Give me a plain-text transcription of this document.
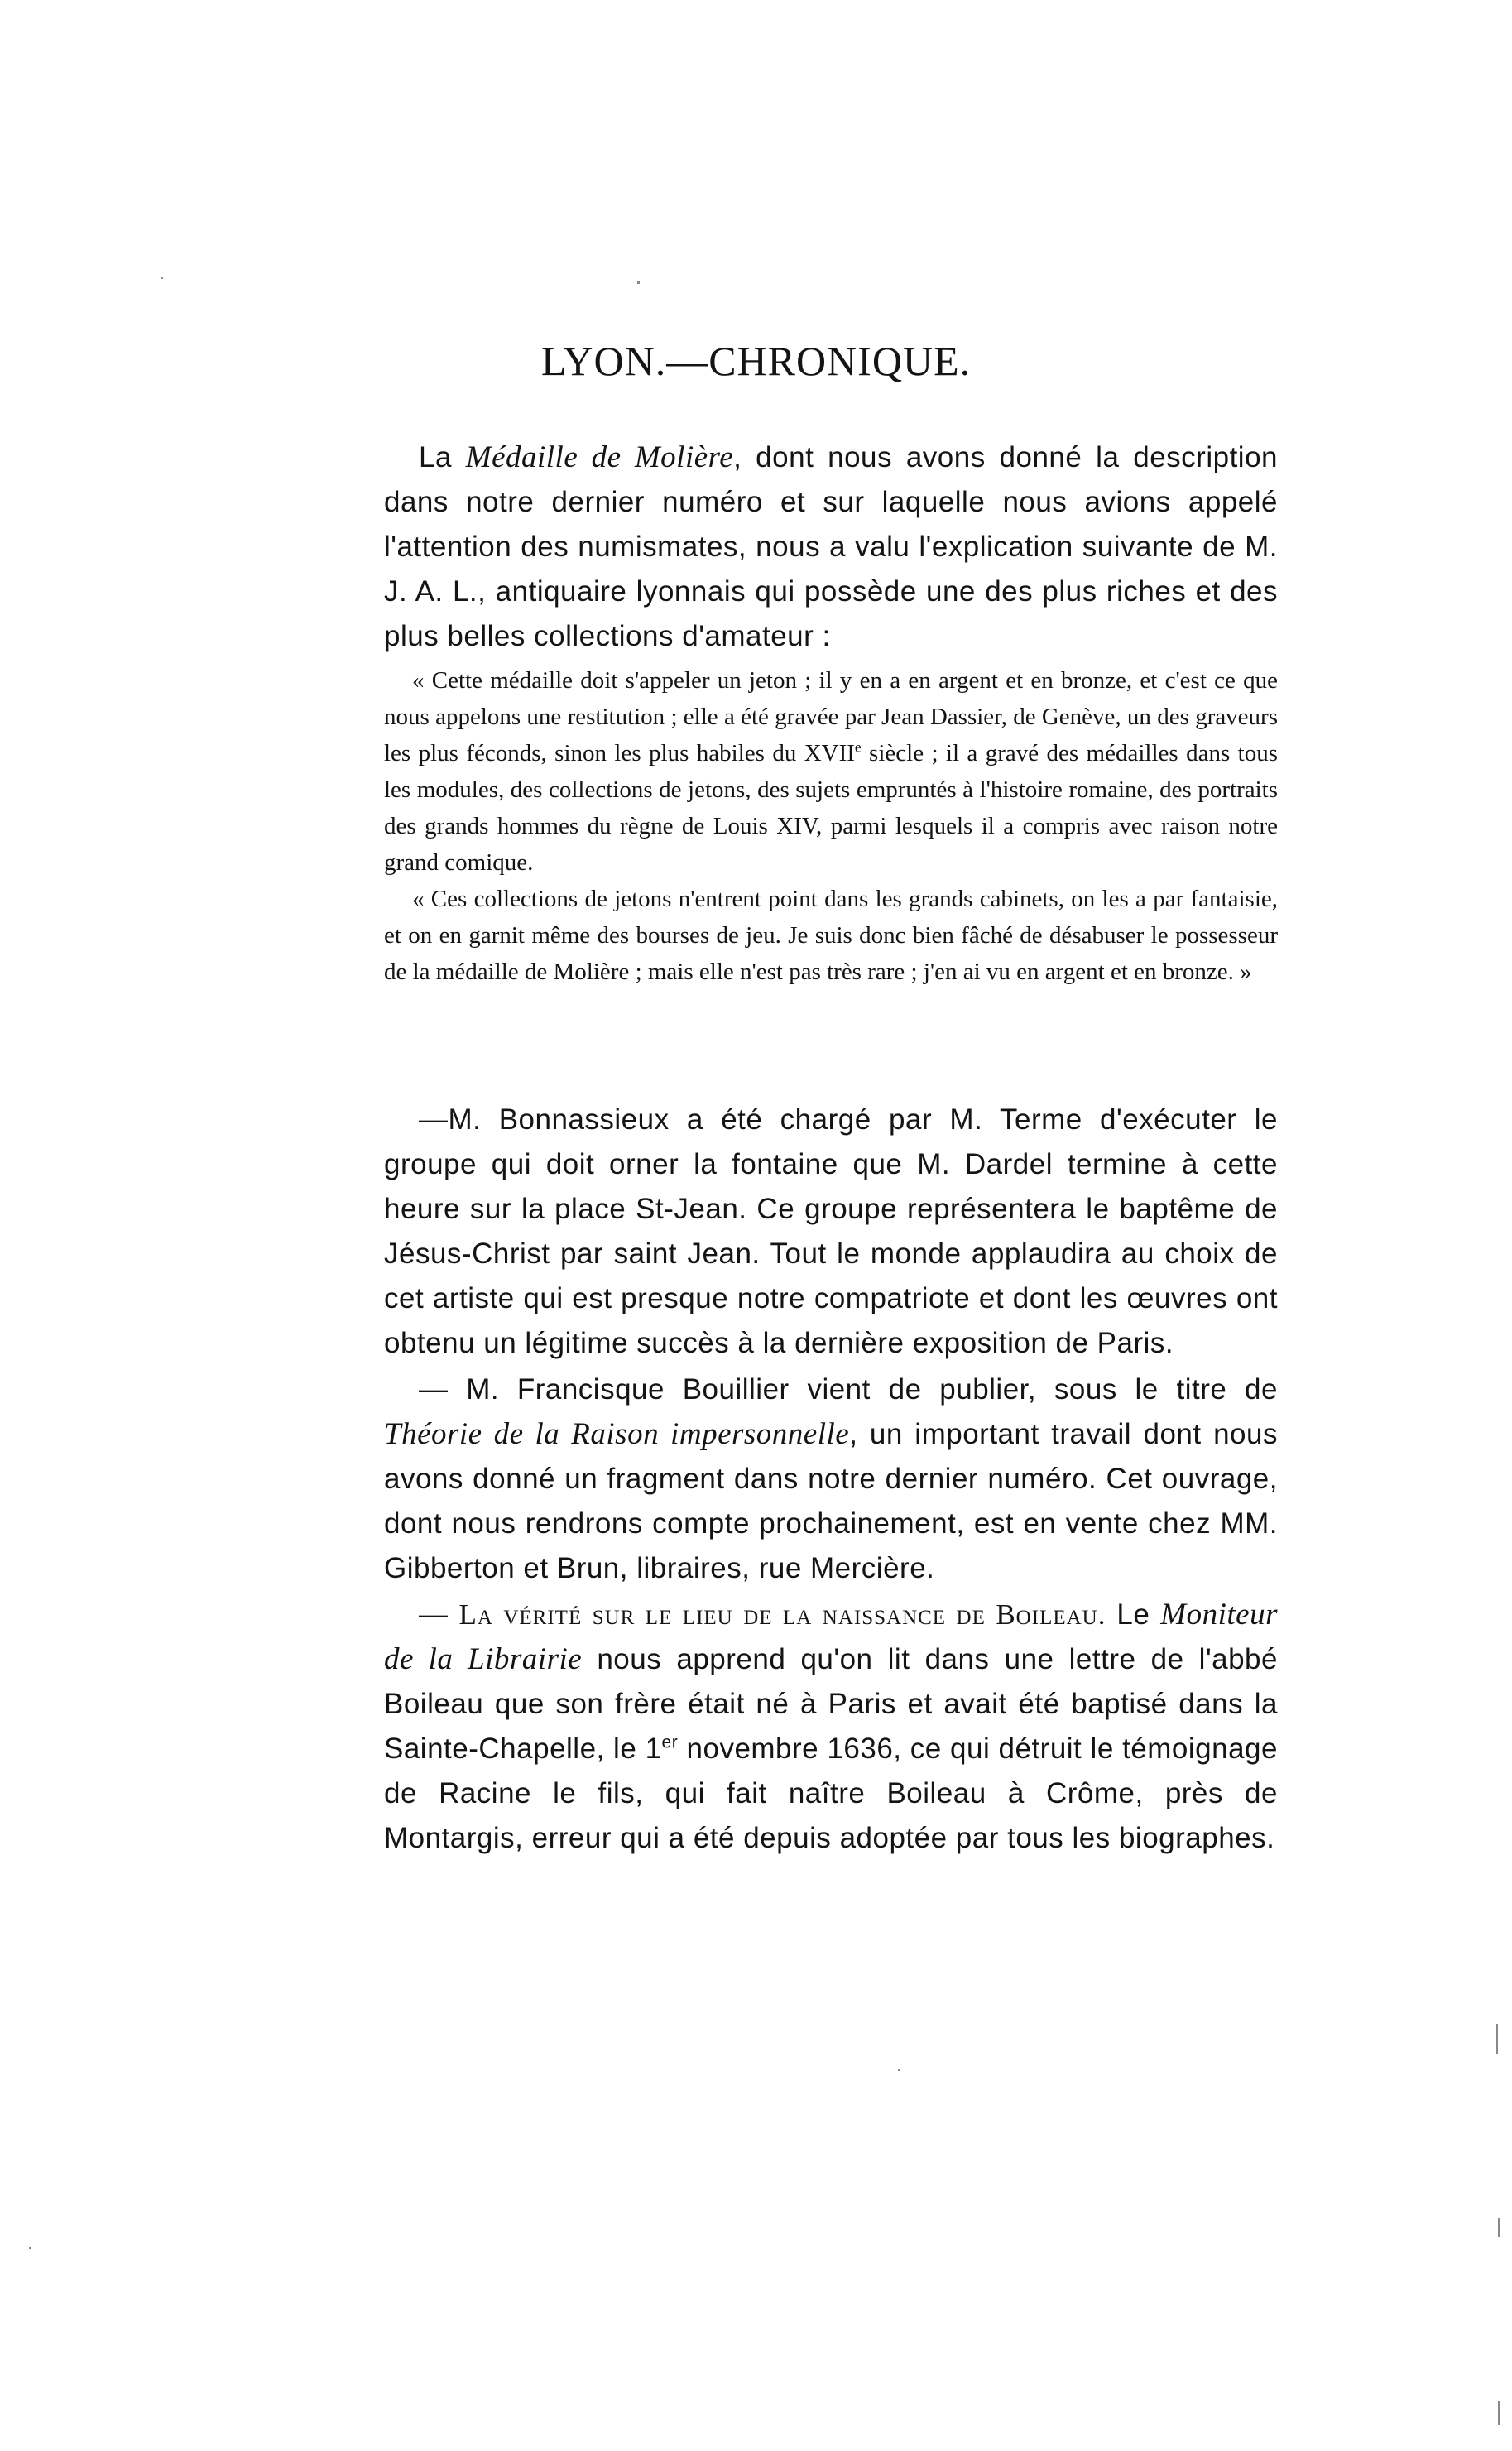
LYON.—CHRONIQUE.

La Médaille de Molière, dont nous avons donné la description dans notre dernier numéro et sur laquelle nous avions appelé l'attention des numismates, nous a valu l'explication suivante de M. J. A. L., antiquaire lyonnais qui possède une des plus riches et des plus belles collections d'amateur :

« Cette médaille doit s'appeler un jeton ; il y en a en argent et en bronze, et c'est ce que nous appelons une restitution ; elle a été gravée par Jean Dassier, de Genève, un des graveurs les plus féconds, sinon les plus habiles du XVIIe siècle ; il a gravé des médailles dans tous les modules, des collections de jetons, des sujets empruntés à l'histoire romaine, des portraits des grands hommes du règne de Louis XIV, parmi lesquels il a compris avec raison notre grand comique.

« Ces collections de jetons n'entrent point dans les grands cabinets, on les a par fantaisie, et on en garnit même des bourses de jeu. Je suis donc bien fâché de désabuser le possesseur de la médaille de Molière ; mais elle n'est pas très rare ; j'en ai vu en argent et en bronze. »

—M. Bonnassieux a été chargé par M. Terme d'exécuter le groupe qui doit orner la fontaine que M. Dardel termine à cette heure sur la place St-Jean. Ce groupe représentera le baptême de Jésus-Christ par saint Jean. Tout le monde applaudira au choix de cet artiste qui est presque notre compatriote et dont les œuvres ont obtenu un légitime succès à la dernière exposition de Paris.

— M. Francisque Bouillier vient de publier, sous le titre de Théorie de la Raison impersonnelle, un important travail dont nous avons donné un fragment dans notre dernier numéro. Cet ouvrage, dont nous rendrons compte prochainement, est en vente chez MM. Gibberton et Brun, libraires, rue Mercière.

— La vérité sur le lieu de la naissance de Boileau. Le Moniteur de la Librairie nous apprend qu'on lit dans une lettre de l'abbé Boileau que son frère était né à Paris et avait été baptisé dans la Sainte-Chapelle, le 1er novembre 1636, ce qui détruit le témoignage de Racine le fils, qui fait naître Boileau à Crôme, près de Montargis, erreur qui a été depuis adoptée par tous les biographes.
